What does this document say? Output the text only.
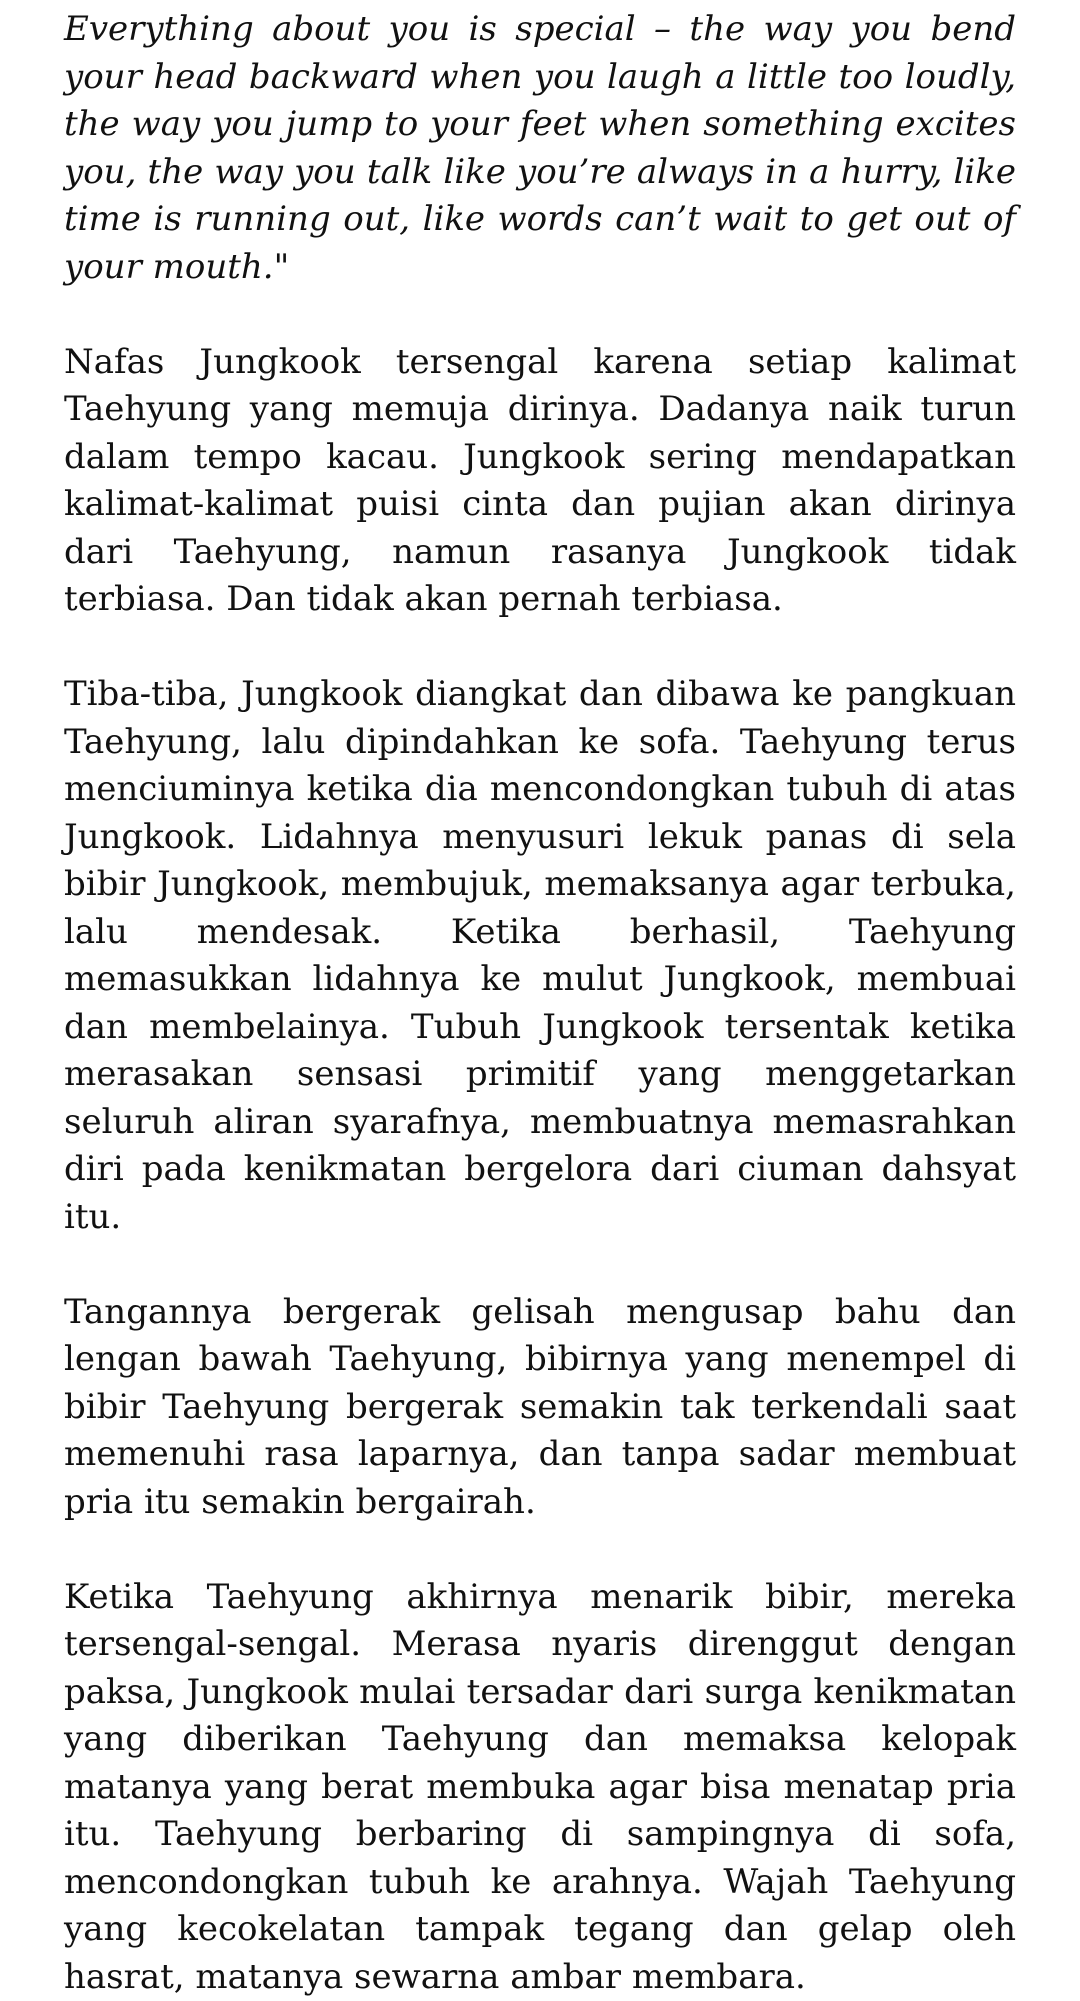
Everything about you is special – the way you bend your head backward when you laugh a little too loudly, the way you jump to your feet when something excites you, the way you talk like you’re always in a hurry, like time is running out, like words can’t wait to get out of your mouth."

Nafas Jungkook tersengal karena setiap kalimat Taehyung yang memuja dirinya. Dadanya naik turun dalam tempo kacau. Jungkook sering mendapatkan kalimat-kalimat puisi cinta dan pujian akan dirinya dari Taehyung, namun rasanya Jungkook tidak terbiasa. Dan tidak akan pernah terbiasa.

Tiba-tiba, Jungkook diangkat dan dibawa ke pangkuan Taehyung, lalu dipindahkan ke sofa. Taehyung terus menciuminya ketika dia mencondongkan tubuh di atas Jungkook. Lidahnya menyusuri lekuk panas di sela bibir Jungkook, membujuk, memaksanya agar terbuka, lalu mendesak. Ketika berhasil, Taehyung memasukkan lidahnya ke mulut Jungkook, membuai dan membelainya. Tubuh Jungkook tersentak ketika merasakan sensasi primitif yang menggetarkan seluruh aliran syarafnya, membuatnya memasrahkan diri pada kenikmatan bergelora dari ciuman dahsyat itu.

Tangannya bergerak gelisah mengusap bahu dan lengan bawah Taehyung, bibirnya yang menempel di bibir Taehyung bergerak semakin tak terkendali saat memenuhi rasa laparnya, dan tanpa sadar membuat pria itu semakin bergairah.

Ketika Taehyung akhirnya menarik bibir, mereka tersengal-sengal. Merasa nyaris direnggut dengan paksa, Jungkook mulai tersadar dari surga kenikmatan yang diberikan Taehyung dan memaksa kelopak matanya yang berat membuka agar bisa menatap pria itu. Taehyung berbaring di sampingnya di sofa, mencondongkan tubuh ke arahnya. Wajah Taehyung yang kecokelatan tampak tegang dan gelap oleh hasrat, matanya sewarna ambar membara.
